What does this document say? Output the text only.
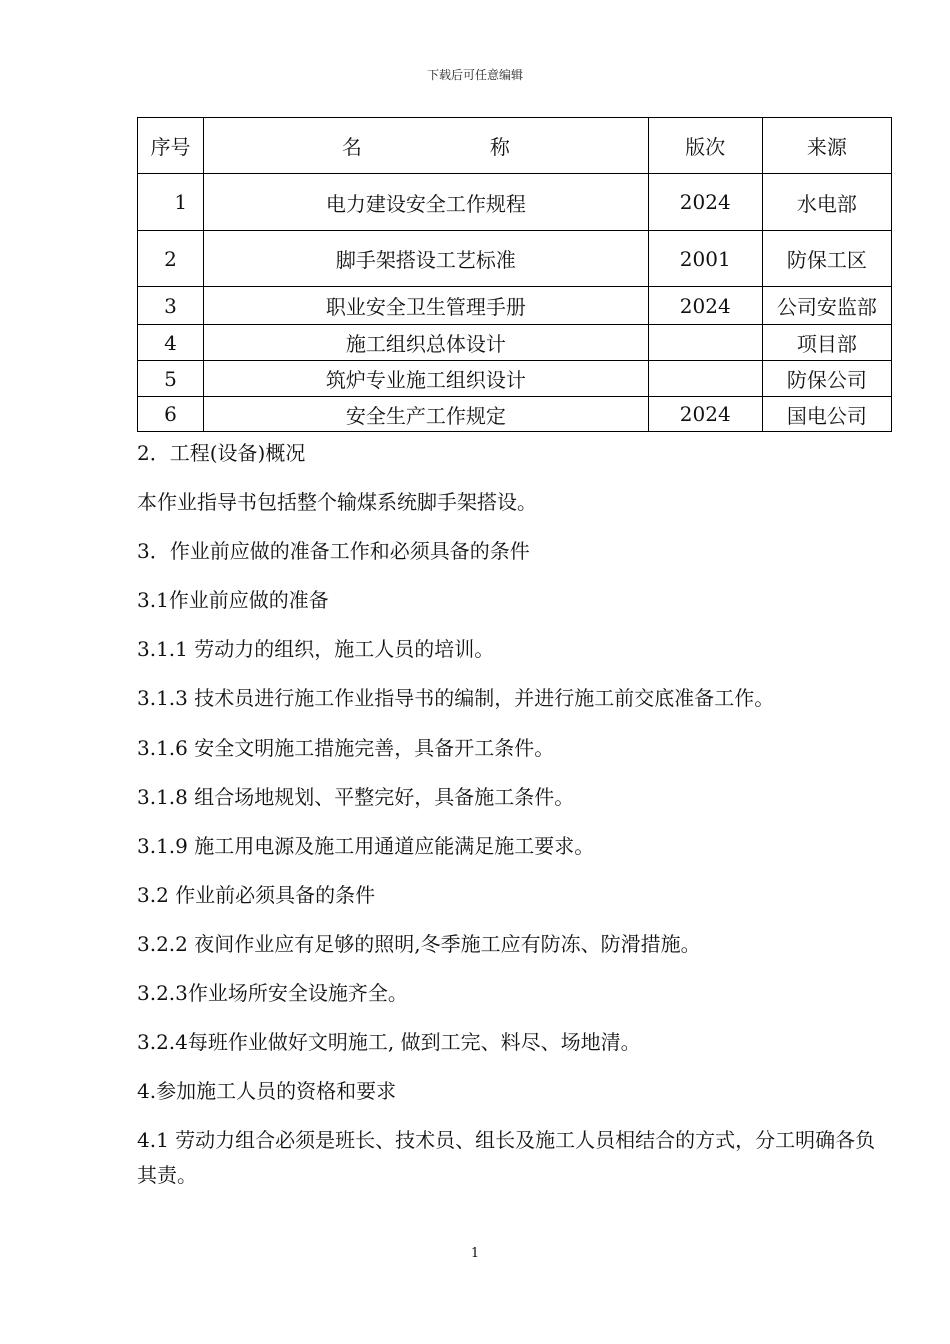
下载后可任意编辑
序号	名 称	版次	来源
1	电力建设安全工作规程	2024	水电部
2	脚手架搭设工艺标准	2001	防保工区
3	职业安全卫生管理手册	2024	公司安监部
4	施工组织总体设计		项目部
5	筑炉专业施工组织设计		防保公司
6	安全生产工作规定	2024	国电公司

2．工程(设备)概况

本作业指导书包括整个输煤系统脚手架搭设。

3．作业前应做的准备工作和必须具备的条件

3.1作业前应做的准备

3.1.1 劳动力的组织，施工人员的培训。

3.1.3 技术员进行施工作业指导书的编制，并进行施工前交底准备工作。

3.1.6 安全文明施工措施完善，具备开工条件。

3.1.8 组合场地规划、平整完好，具备施工条件。

3.1.9 施工用电源及施工用通道应能满足施工要求。

3.2 作业前必须具备的条件

3.2.2 夜间作业应有足够的照明,冬季施工应有防冻、防滑措施。

3.2.3作业场所安全设施齐全。

3.2.4每班作业做好文明施工, 做到工完、料尽、场地清。

4.参加施工人员的资格和要求

4.1 劳动力组合必须是班长、技术员、组长及施工人员相结合的方式，分工明确各负其责。

1
